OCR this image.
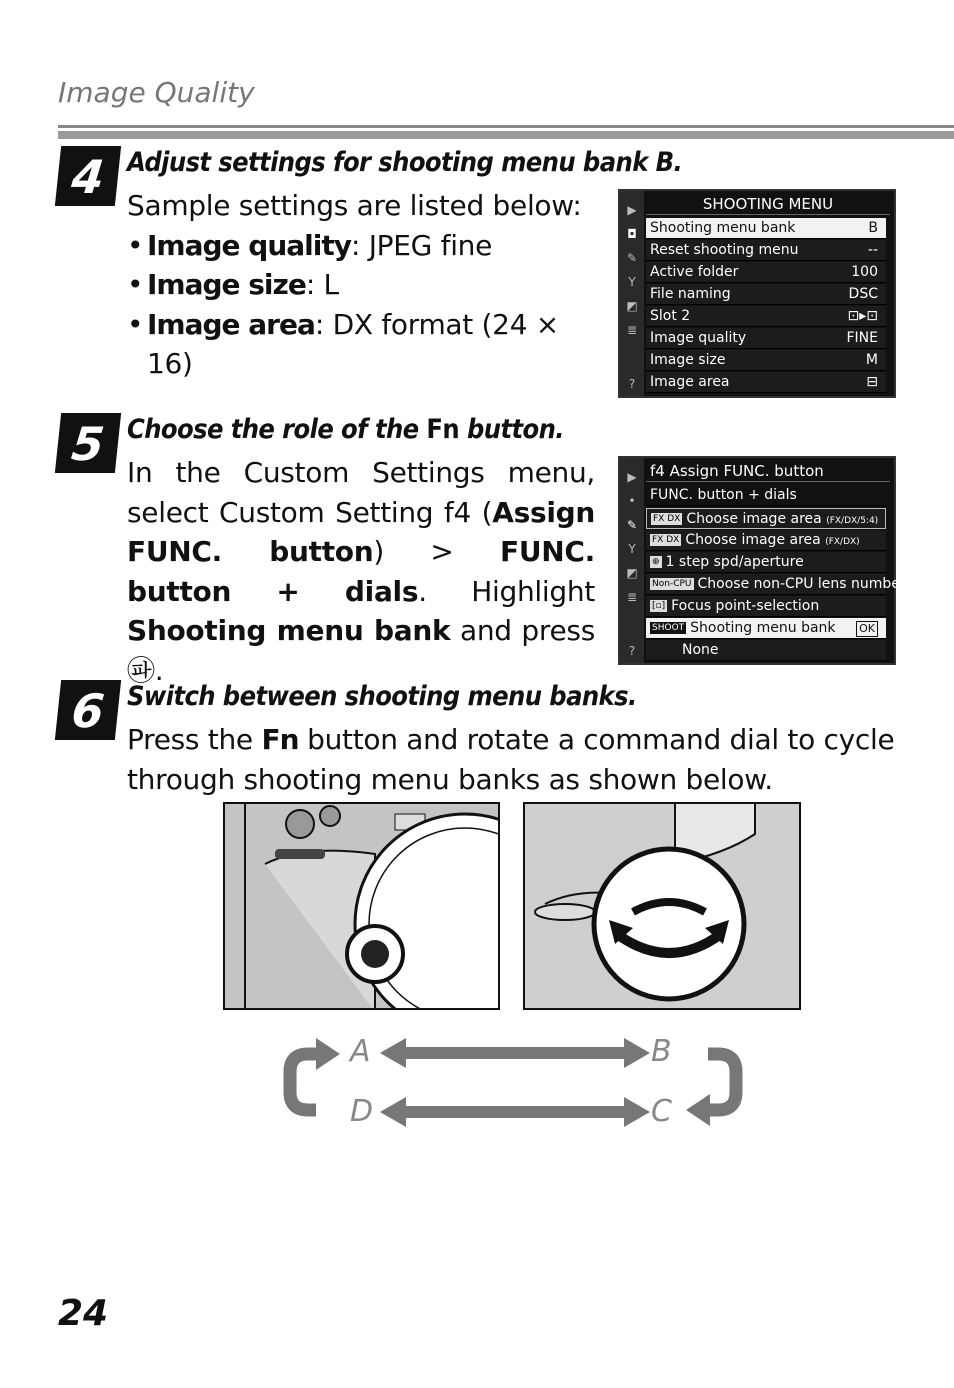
Image Quality
4 Adjust settings for shooting menu bank B.
Sample settings are listed below:
• Image quality: JPEG fine
• Image size: L
• Image area: DX format (24 × 16)
▶
◘
✎
Y
◩
≣
?
SHOOTING MENU
Shooting menu bank	B
Reset shooting menu	--
Active folder	100
File naming	DSC
Slot 2	⊡▸⊡
Image quality	FINE
Image size	M
Image area	⊟
5 Choose the role of the Fn button.
In the Custom Settings menu, select Custom Setting f4 (Assign FUNC. button) > FUNC. button + dials. Highlight Shooting menu bank and press ㉺.
▶
•
✎
Y
◩
≣
?
f4 Assign FUNC. button
FUNC. button + dials
FX DX Choose image area (FX/DX/5:4)
FX DX Choose image area (FX/DX)
⊕ 1 step spd/aperture
Non-CPU Choose non-CPU lens number
[▫] Focus point-selection
SHOOT Shooting menu bank OK
None
6 Switch between shooting menu banks.
Press the Fn button and rotate a command dial to cycle through shooting menu banks as shown below.
A	B
C
D
24
